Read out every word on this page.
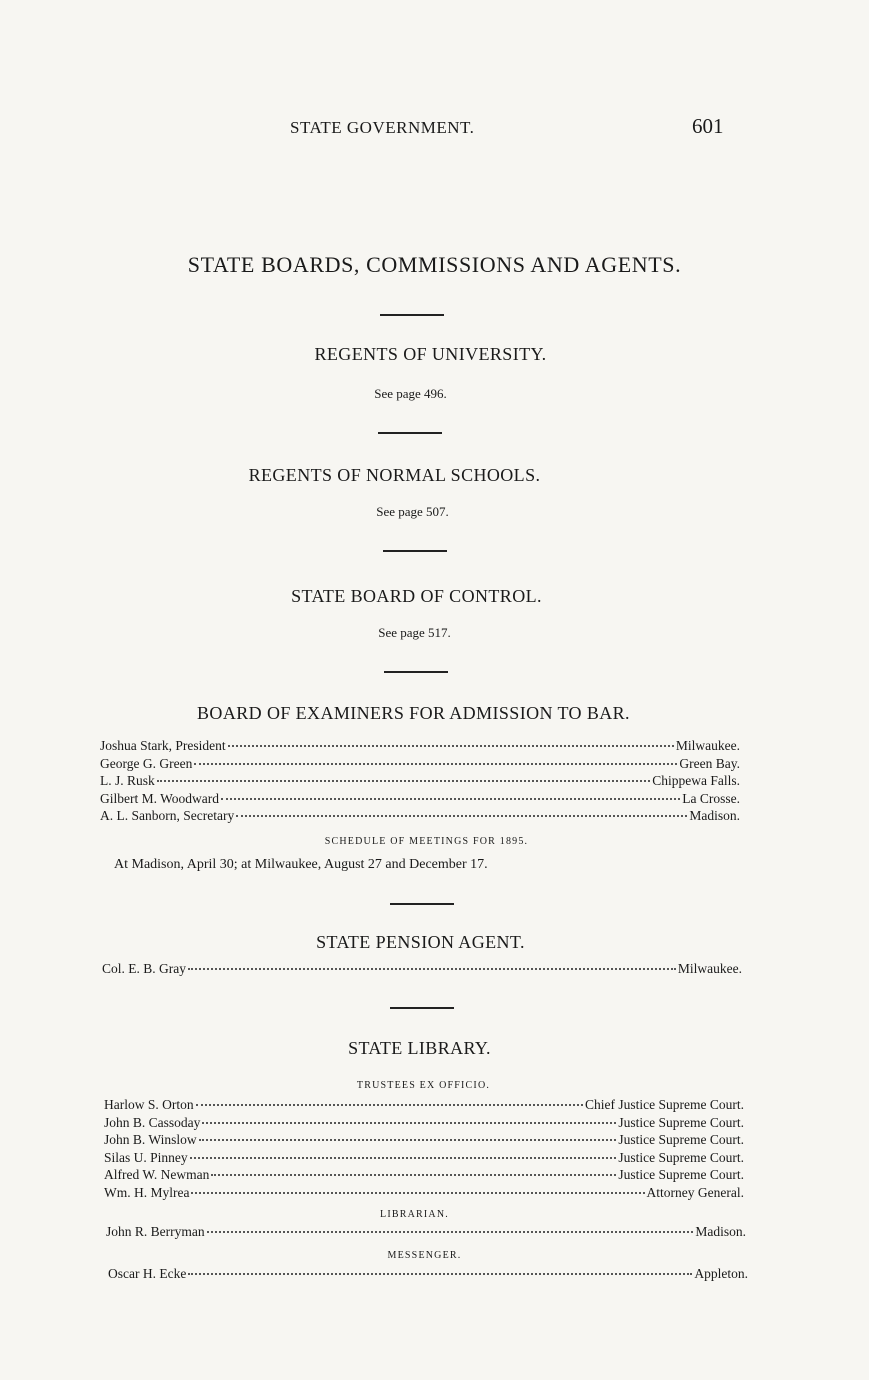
STATE GOVERNMENT.	601
STATE BOARDS, COMMISSIONS AND AGENTS.
REGENTS OF UNIVERSITY.
See page 496.
REGENTS OF NORMAL SCHOOLS.
See page 507.
STATE BOARD OF CONTROL.
See page 517.
BOARD OF EXAMINERS FOR ADMISSION TO BAR.
Joshua Stark, President	Milwaukee.
George G. Green	Green Bay.
L. J. Rusk	Chippewa Falls.
Gilbert M. Woodward	La Crosse.
A. L. Sanborn, Secretary	Madison.
SCHEDULE OF MEETINGS FOR 1895.
At Madison, April 30; at Milwaukee, August 27 and December 17.
STATE PENSION AGENT.
Col. E. B. Gray	Milwaukee.
STATE LIBRARY.
TRUSTEES EX OFFICIO.
Harlow S. Orton	Chief Justice Supreme Court.
John B. Cassoday	Justice Supreme Court.
John B. Winslow	Justice Supreme Court.
Silas U. Pinney	Justice Supreme Court.
Alfred W. Newman	Justice Supreme Court.
Wm. H. Mylrea	Attorney General.
LIBRARIAN.
John R. Berryman	Madison.
MESSENGER.
Oscar H. Ecke	Appleton.
